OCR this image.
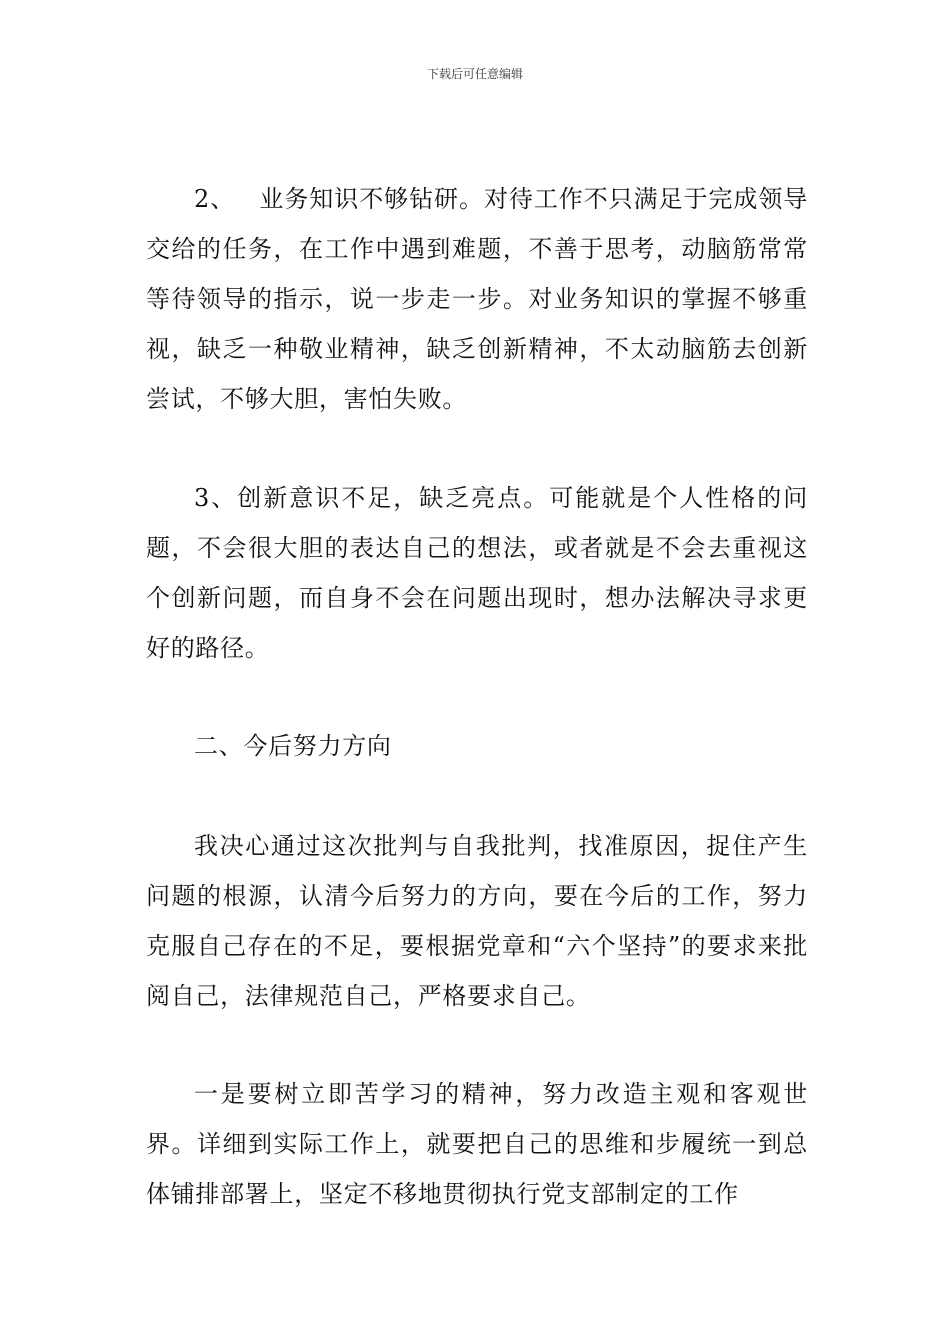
下载后可任意编辑

2、 业务知识不够钻研。对待工作不只满足于完成领导交给的任务，在工作中遇到难题，不善于思考，动脑筋常常等待领导的指示，说一步走一步。对业务知识的掌握不够重视，缺乏一种敬业精神，缺乏创新精神，不太动脑筋去创新尝试，不够大胆，害怕失败。

3、创新意识不足，缺乏亮点。可能就是个人性格的问题，不会很大胆的表达自己的想法，或者就是不会去重视这个创新问题，而自身不会在问题出现时，想办法解决寻求更好的路径。

二、今后努力方向

我决心通过这次批判与自我批判，找准原因，捉住产生问题的根源，认清今后努力的方向，要在今后的工作，努力克服自己存在的不足，要根据党章和“六个坚持”的要求来批阅自己，法律规范自己，严格要求自己。

一是要树立即苦学习的精神，努力改造主观和客观世界。详细到实际工作上，就要把自己的思维和步履统一到总体铺排部署上，坚定不移地贯彻执行党支部制定的工作
